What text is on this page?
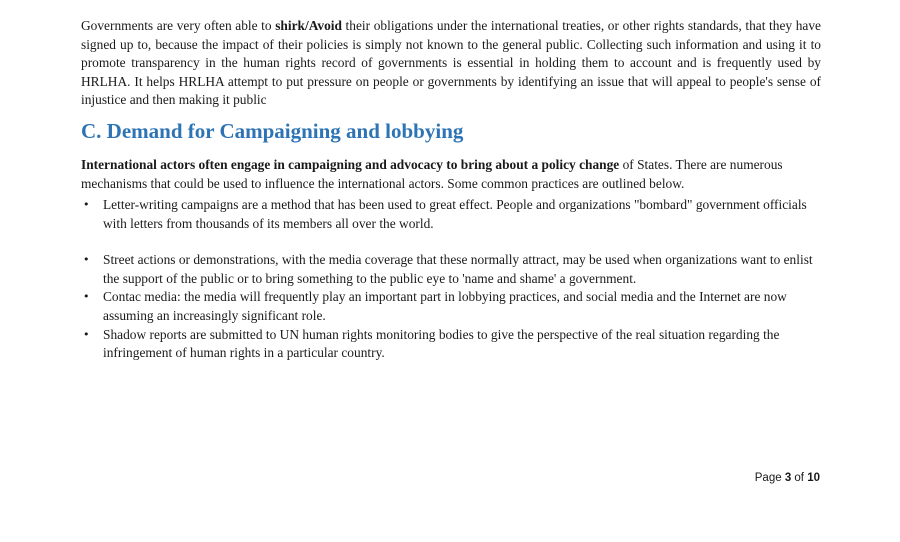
Governments are very often able to shirk/Avoid their obligations under the international treaties, or other rights standards, that they have signed up to, because the impact of their policies is simply not known to the general public. Collecting such information and using it to promote transparency in the human rights record of governments is essential in holding them to account and is frequently used by HRLHA. It helps HRLHA attempt to put pressure on people or governments by identifying an issue that will appeal to people's sense of injustice and then making it public

C. Demand for Campaigning and lobbying

International actors often engage in campaigning and advocacy to bring about a policy change of States. There are numerous mechanisms that could be used to influence the international actors. Some common practices are outlined below.

• Letter-writing campaigns are a method that has been used to great effect. People and organizations "bombard" government officials with letters from thousands of its members all over the world.
• Street actions or demonstrations, with the media coverage that these normally attract, may be used when organizations want to enlist the support of the public or to bring something to the public eye to 'name and shame' a government.
• Contac media: the media will frequently play an important part in lobbying practices, and social media and the Internet are now assuming an increasingly significant role.
• Shadow reports are submitted to UN human rights monitoring bodies to give the perspective of the real situation regarding the infringement of human rights in a particular country.
Page 3 of 10
